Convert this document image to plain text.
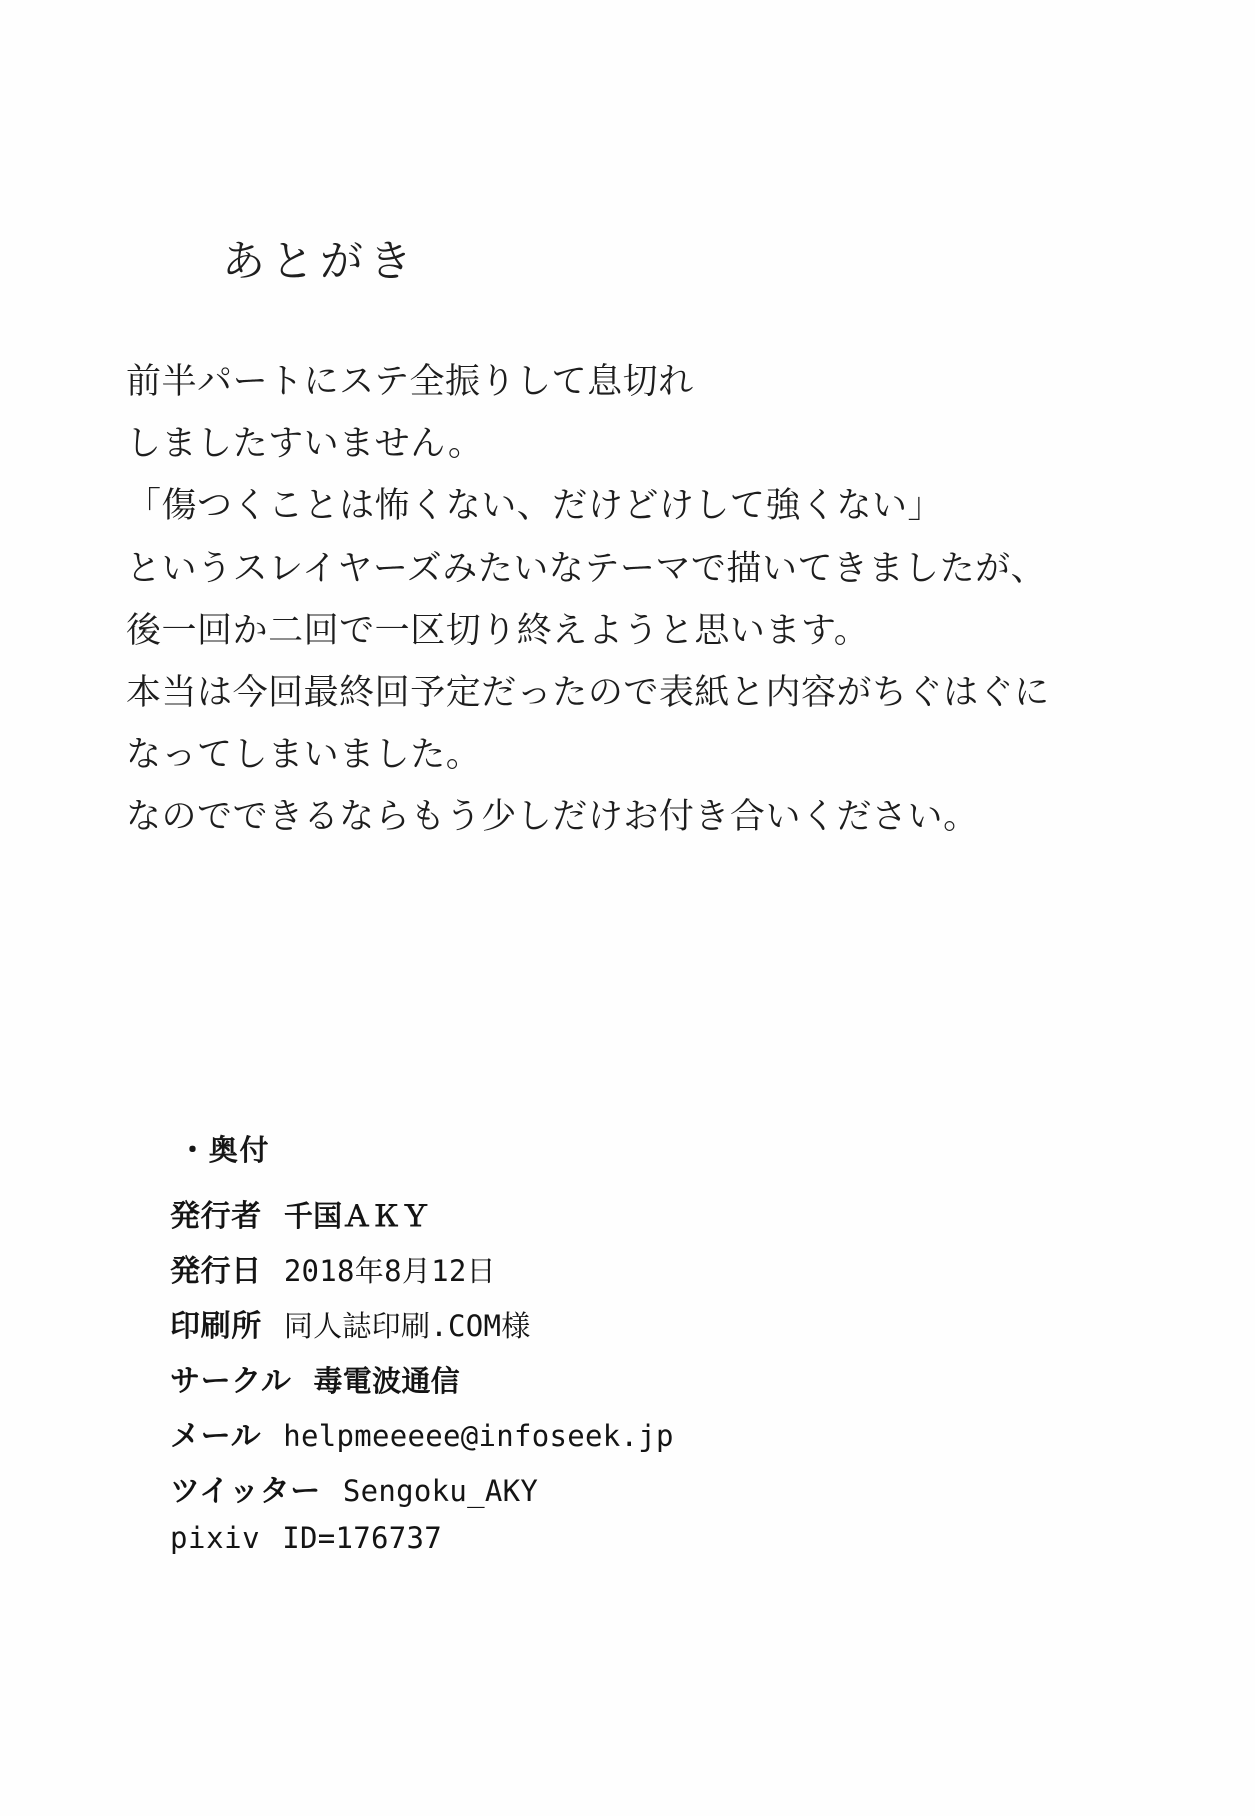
あとがき

前半パートにステ全振りして息切れ

しましたすいません。

「傷つくことは怖くない、だけどけして強くない」

というスレイヤーズみたいなテーマで描いてきましたが、

後一回か二回で一区切り終えようと思います。

本当は今回最終回予定だったので表紙と内容がちぐはぐに

なってしまいました。

なのでできるならもう少しだけお付き合いください。

・奥付
発行者 千国ＡＫＹ
発行日 2018年8月12日
印刷所 同人誌印刷.COM様
サークル 毒電波通信
メール helpmeeeee@infoseek.jp
ツイッター Sengoku_AKY
pixiv ID=176737
